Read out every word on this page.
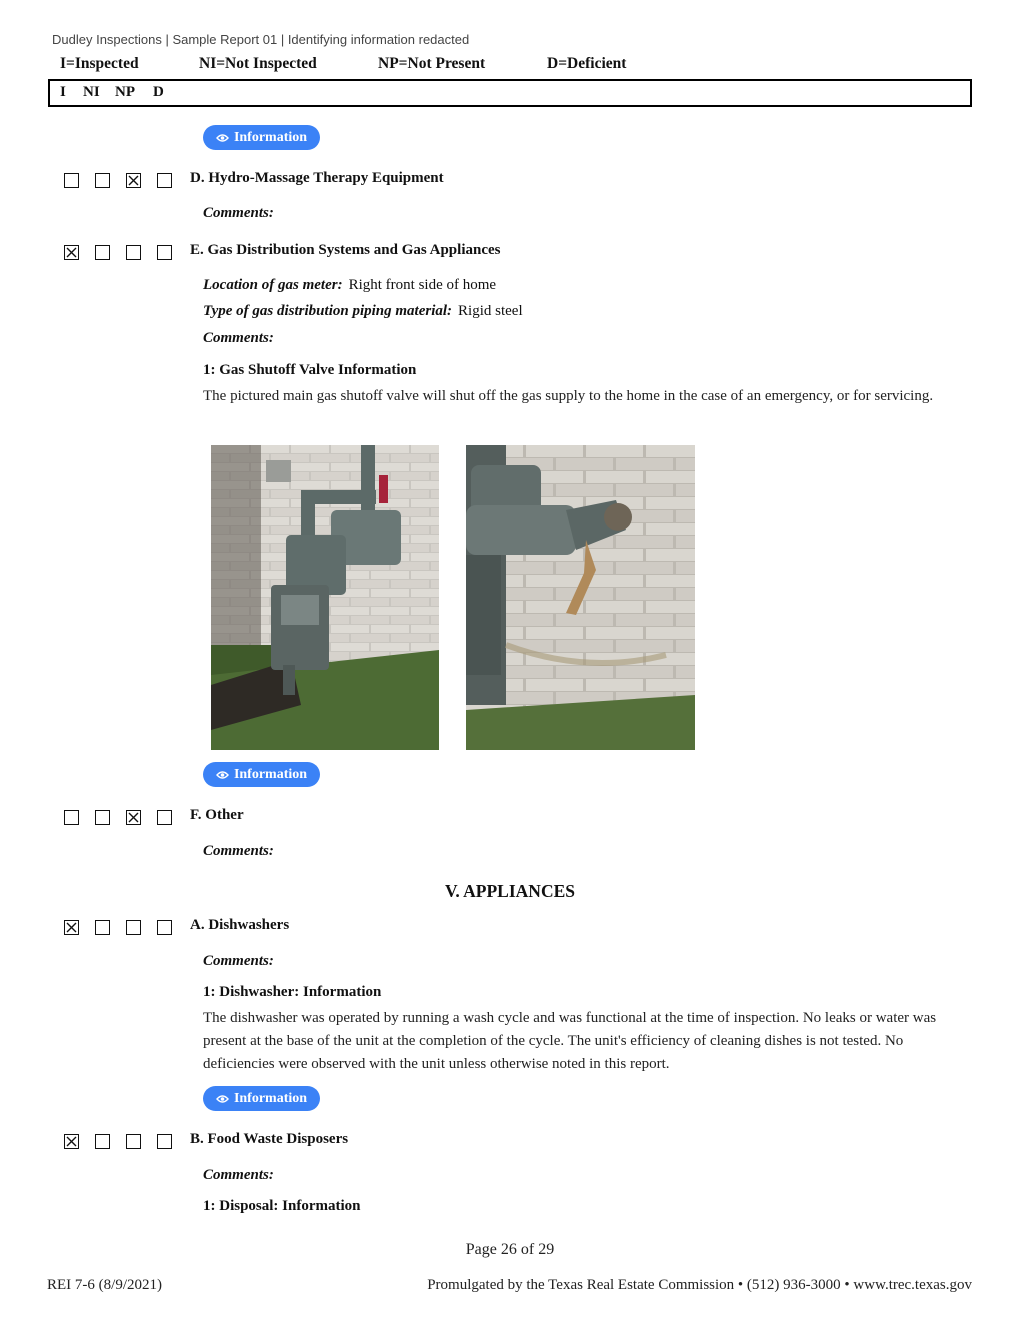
Dudley Inspections | Sample Report 01 | Identifying information redacted
I=Inspected	NI=Not Inspected	NP=Not Present	D=Deficient
I NI NP D
Information
D. Hydro-Massage Therapy Equipment
Comments:
E. Gas Distribution Systems and Gas Appliances
Location of gas meter: Right front side of home
Type of gas distribution piping material: Rigid steel
Comments:
1: Gas Shutoff Valve Information
The pictured main gas shutoff valve will shut off the gas supply to the home in the case of an emergency, or for servicing.
Information
F. Other
Comments:
V. APPLIANCES
A. Dishwashers
Comments:
1: Dishwasher: Information
The dishwasher was operated by running a wash cycle and was functional at the time of inspection. No leaks or water was present at the base of the unit at the completion of the cycle. The unit's efficiency of cleaning dishes is not tested. No deficiencies were observed with the unit unless otherwise noted in this report.
Information
B. Food Waste Disposers
Comments:
1: Disposal: Information
Page 26 of 29
REI 7-6 (8/9/2021)	Promulgated by the Texas Real Estate Commission • (512) 936-3000 • www.trec.texas.gov
